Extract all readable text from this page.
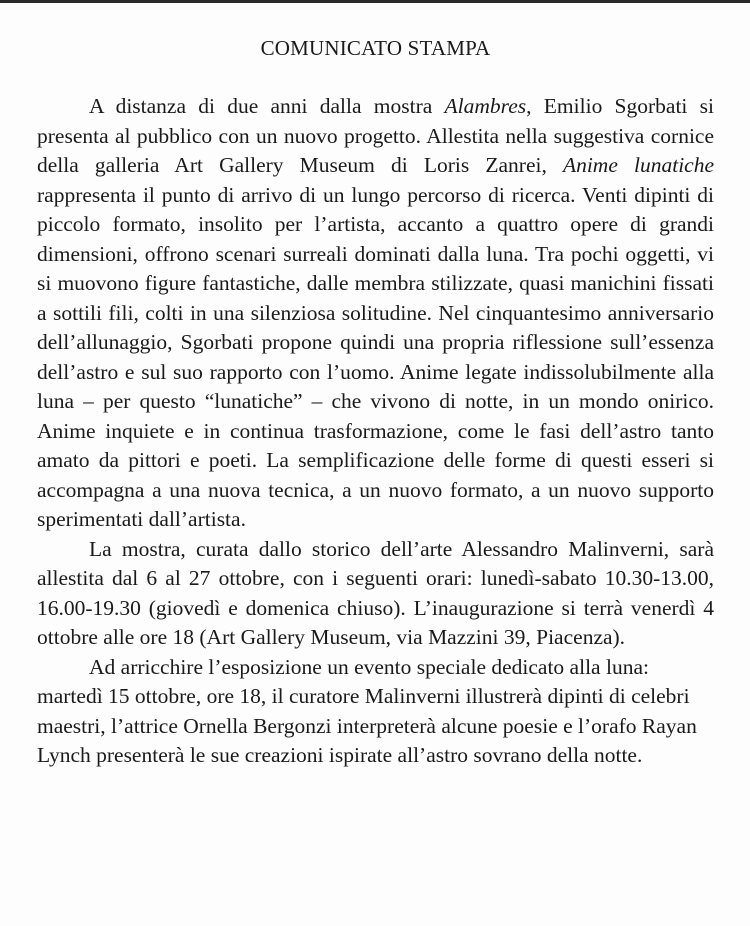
COMUNICATO STAMPA

A distanza di due anni dalla mostra Alambres, Emilio Sgorbati si presenta al pubblico con un nuovo progetto. Allestita nella suggestiva cornice della galleria Art Gallery Museum di Loris Zanrei, Anime lunatiche rappresenta il punto di arrivo di un lungo percorso di ricerca. Venti dipinti di piccolo formato, insolito per l’artista, accanto a quattro opere di grandi dimensioni, offrono scenari surreali dominati dalla luna. Tra pochi oggetti, vi si muovono figure fantastiche, dalle membra stilizzate, quasi manichini fissati a sottili fili, colti in una silenziosa solitudine. Nel cinquantesimo anniversario dell’allunaggio, Sgorbati propone quindi una propria riflessione sull’essenza dell’astro e sul suo rapporto con l’uomo. Anime legate indissolubilmente alla luna – per questo “lunatiche” – che vivono di notte, in un mondo onirico. Anime inquiete e in continua trasformazione, come le fasi dell’astro tanto amato da pittori e poeti. La semplificazione delle forme di questi esseri si accompagna a una nuova tecnica, a un nuovo formato, a un nuovo supporto sperimentati dall’artista.

La mostra, curata dallo storico dell’arte Alessandro Malinverni, sarà allestita dal 6 al 27 ottobre, con i seguenti orari: lunedì-sabato 10.30-13.00, 16.00-19.30 (giovedì e domenica chiuso). L’inaugurazione si terrà venerdì 4 ottobre alle ore 18 (Art Gallery Museum, via Mazzini 39, Piacenza).

Ad arricchire l’esposizione un evento speciale dedicato alla luna: martedì 15 ottobre, ore 18, il curatore Malinverni illustrerà dipinti di celebri maestri, l’attrice Ornella Bergonzi interpreterà alcune poesie e l’orafo Rayan Lynch presenterà le sue creazioni ispirate all’astro sovrano della notte.
